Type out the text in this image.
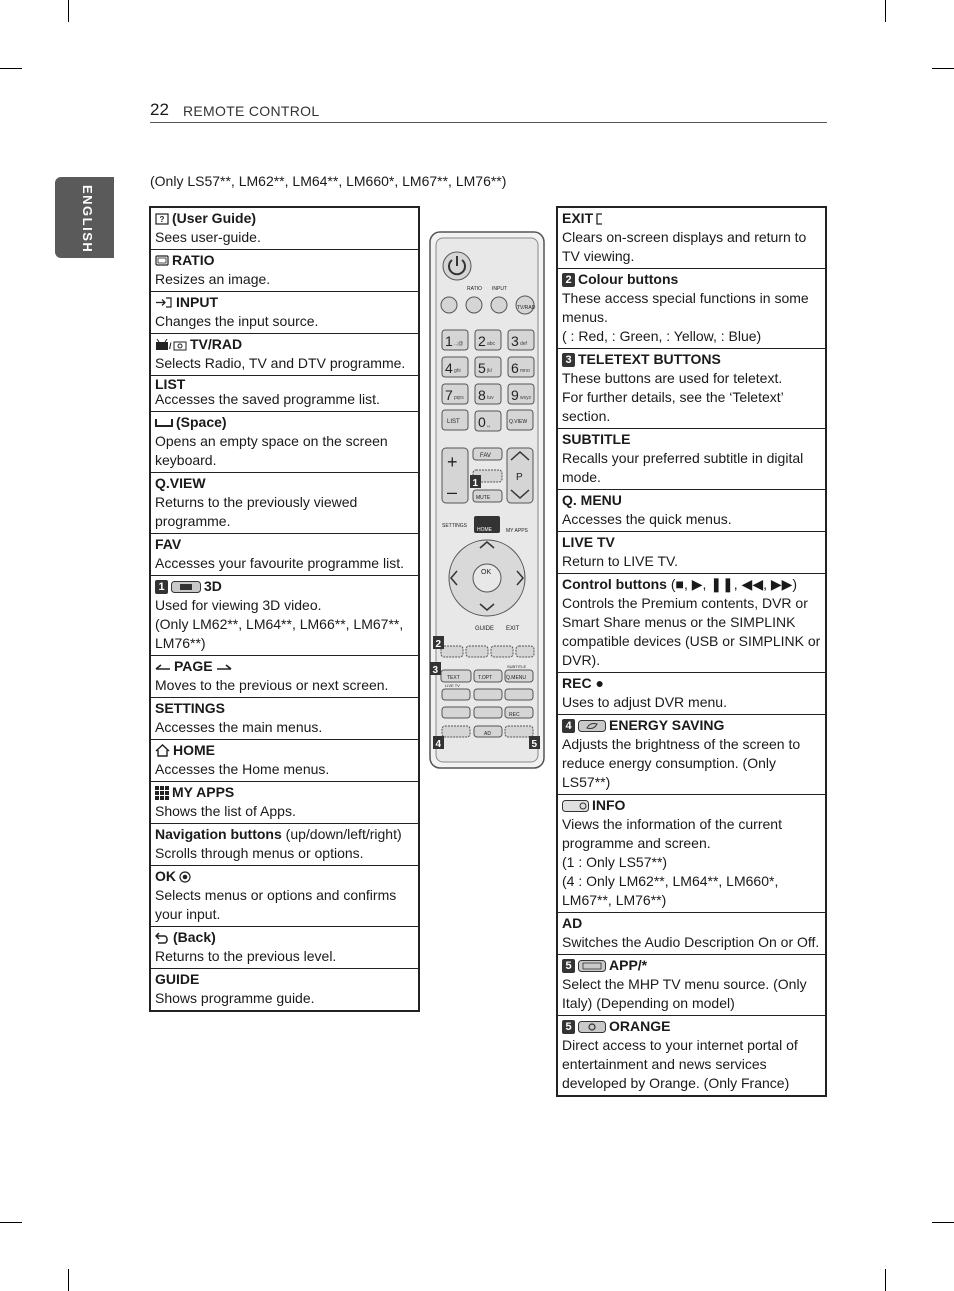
22 REMOTE CONTROL
ENGLISH
(Only LS57**, LM62**, LM64**, LM660*, LM67**, LM76**)
? (User Guide)
Sees user-guide.
RATIO
Resizes an image.
INPUT
Changes the input source.
/ TV/RAD
Selects Radio, TV and DTV programme.
LIST
Accesses the saved programme list.
(Space)
Opens an empty space on the screen keyboard.
Q.VIEW
Returns to the previously viewed programme.
FAV
Accesses your favourite programme list.
1	3D
Used for viewing 3D video.
(Only LM62**, LM64**, LM66**, LM67**, LM76**)
PAGE
Moves to the previous or next screen.
SETTINGS
Accesses the main menus.
HOME
Accesses the Home menus.
MY APPS
Shows the list of Apps.
Navigation buttons (up/down/left/right)
Scrolls through menus or options.
OK
Selects menus or options and confirms your input.
(Back)
Returns to the previous level.
GUIDE
Shows programme guide.
RATIO INPUT
TV/RAD
1 .,;@ 2 abc 3 def
4 ghi 5 jkl 6 mno
7 pqrs 8 tuv 9 wxyz
0 ␣
LIST	Q.VIEW
+
–
P
FAV
MUTE
SETTINGS
HOME	MY APPS
OK
GUIDE EXIT
TEXT	T.OPT	Q.MENU
SUBTITLE
LIVE TV
REC
AD
1
2
3
4	5
EXIT
Clears on-screen displays and return to TV viewing.
2 Colour buttons
These access special functions in some menus.
( : Red, : Green, : Yellow, : Blue)
3 TELETEXT BUTTONS
These buttons are used for teletext.
For further details, see the ‘Teletext’ section.
SUBTITLE
Recalls your preferred subtitle in digital mode.
Q. MENU
Accesses the quick menus.
LIVE TV
Return to LIVE TV.
Control buttons (■, ▶, ❚❚, ◀◀, ▶▶)
Controls the Premium contents, DVR or Smart Share menus or the SIMPLINK compatible devices (USB or SIMPLINK or DVR).
REC ●
Uses to adjust DVR menu.
4	ENERGY SAVING
Adjusts the brightness of the screen to reduce energy consumption. (Only LS57**)
INFO
Views the information of the current programme and screen.
(1 : Only LS57**)
(4 : Only LM62**, LM64**, LM660*, LM67**, LM76**)
AD
Switches the Audio Description On or Off.
5	APP/*
Select the MHP TV menu source. (Only Italy) (Depending on model)
5	ORANGE
Direct access to your internet portal of entertainment and news services developed by Orange. (Only France)
